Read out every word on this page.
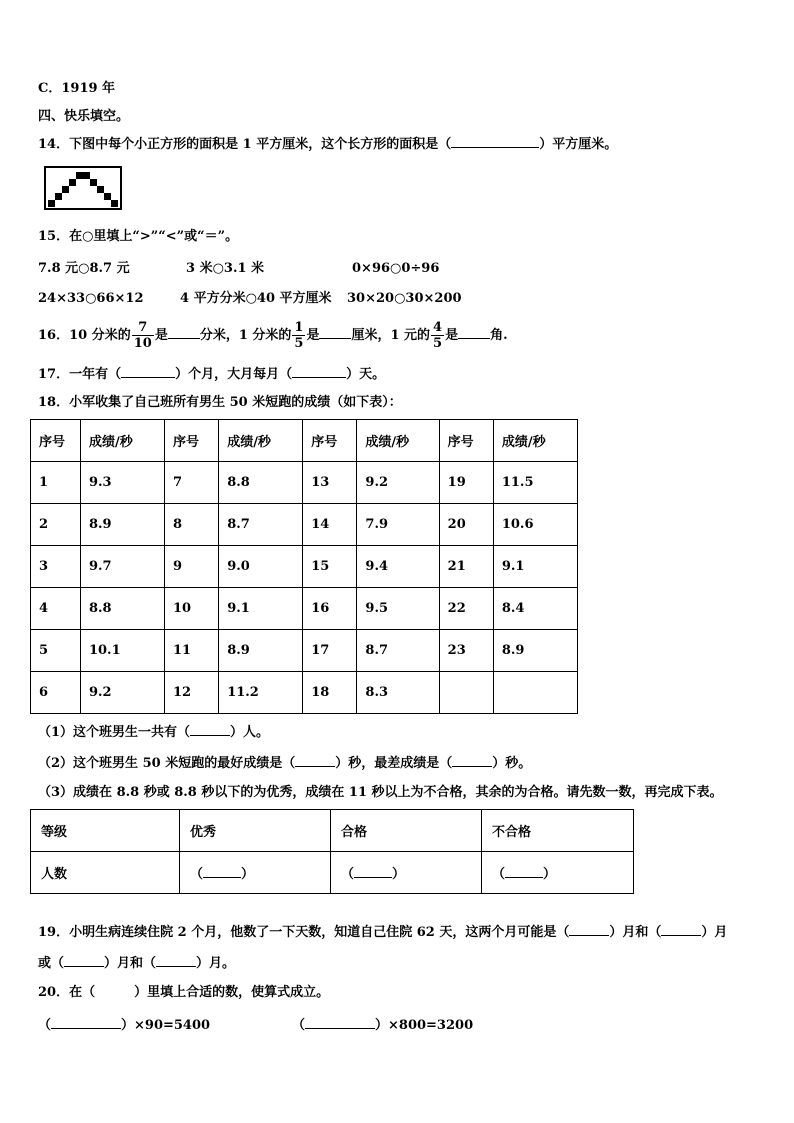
C．1919 年
四、快乐填空。
14．下图中每个小正方形的面积是 1 平方厘米，这个长方形的面积是（	）平方厘米。
15．在○里填上“>”“<”或“＝”。
7.8 元○8.7 元	3 米○3.1 米	0×96○0÷96
24×33○66×12	4 平方分米○40 平方厘米 30×20○30×200
16．10 分米的 $\frac{7}{10}$ 是 分米，1 分米的 $\frac{1}{5}$ 是 厘米，1 元的 $\frac{4}{5}$ 是 角.
17．一年有（	）个月，大月每月（	）天。
18．小军收集了自己班所有男生 50 米短跑的成绩（如下表）：
序号	成绩/秒	序号	成绩/秒	序号	成绩/秒	序号	成绩/秒
1	9.3	7	8.8	13	9.2	19	11.5
2	8.9	8	8.7	14	7.9	20	10.6
3	9.7	9	9.0	15	9.4	21	9.1
4	8.8	10	9.1	16	9.5	22	8.4
5	10.1	11	8.9	17	8.7	23	8.9
6	9.2	12	11.2	18	8.3		
（1）这个班男生一共有（	）人。
（2）这个班男生 50 米短跑的最好成绩是（	）秒，最差成绩是（	）秒。
（3）成绩在 8.8 秒或 8.8 秒以下的为优秀，成绩在 11 秒以上为不合格，其余的为合格。请先数一数，再完成下表。
等级	优秀	合格	不合格
人数	（ ）	（ ）	（ ）
19．小明生病连续住院 2 个月，他数了一下天数，知道自己住院 62 天，这两个月可能是（	）月和（	）月
或（	）月和（	）月。
20．在（　　　）里填上合适的数，使算式成立。
（	）×90=5400	（	）×800=3200
